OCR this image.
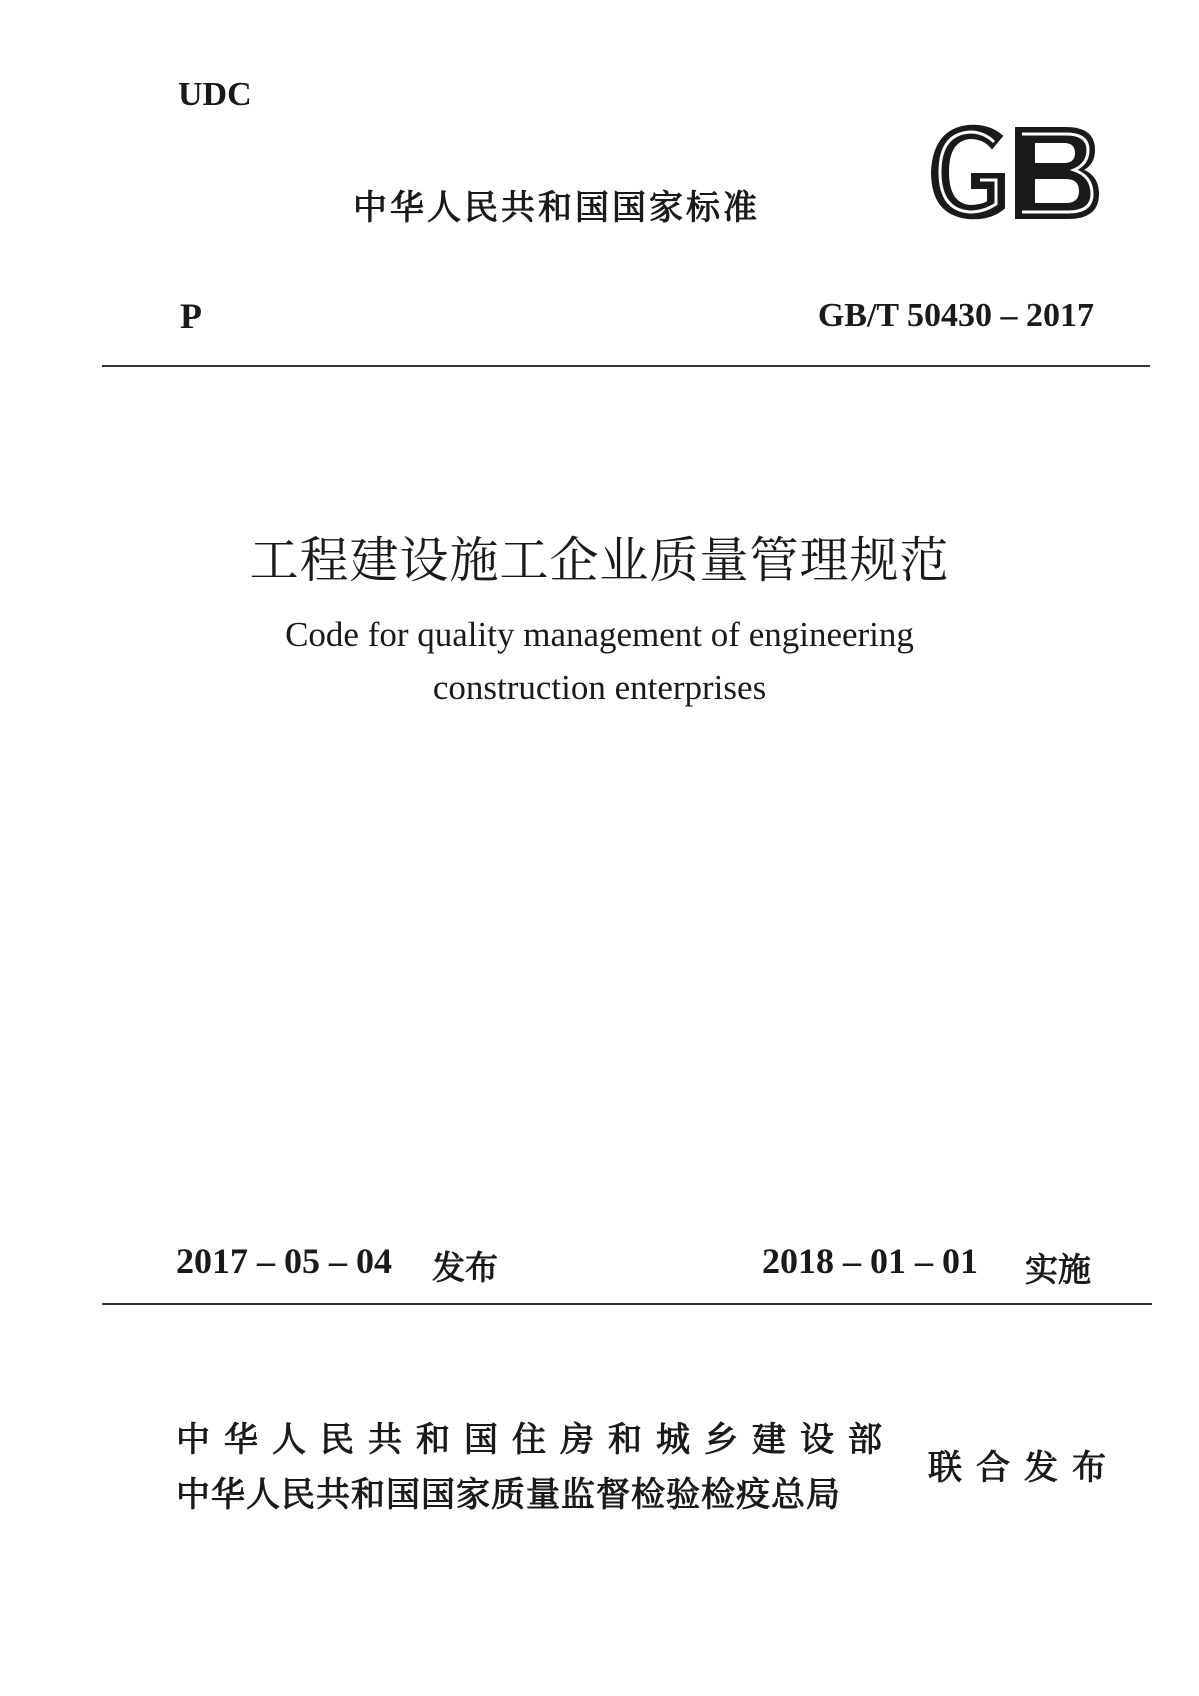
UDC
中华人民共和国国家标准
P	GB/T 50430 – 2017
工程建设施工企业质量管理规范
Code for quality management of engineering
construction enterprises
2017 – 05 – 04 发布	2018 – 01 – 01 实施
中华人民共和国住房和城乡建设部
中华人民共和国国家质量监督检验检疫总局
联合发布
